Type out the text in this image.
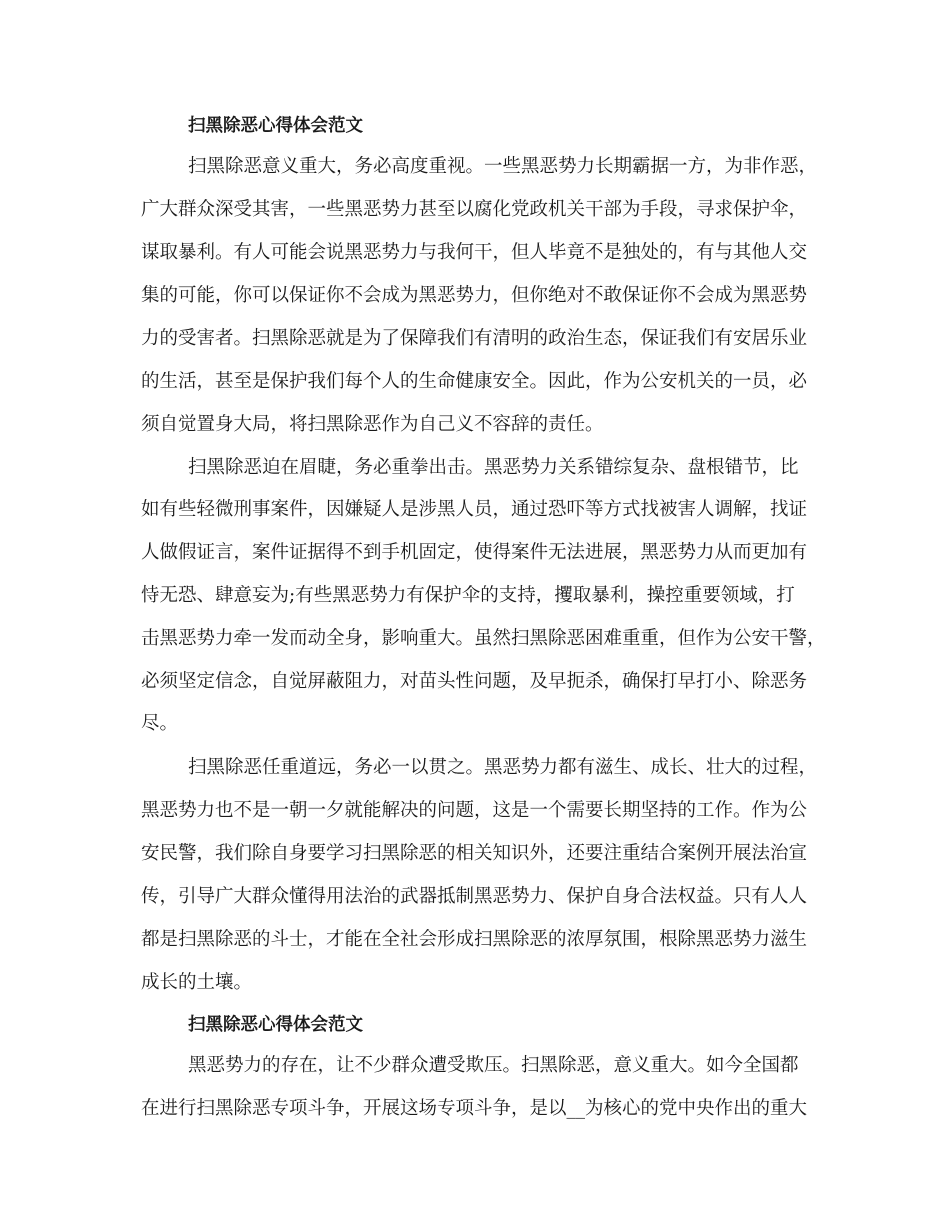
扫黑除恶心得体会范文
扫黑除恶意义重大，务必高度重视。一些黑恶势力长期霸据一方，为非作恶，
广大群众深受其害，一些黑恶势力甚至以腐化党政机关干部为手段，寻求保护伞，
谋取暴利。有人可能会说黑恶势力与我何干，但人毕竟不是独处的，有与其他人交
集的可能，你可以保证你不会成为黑恶势力，但你绝对不敢保证你不会成为黑恶势
力的受害者。扫黑除恶就是为了保障我们有清明的政治生态，保证我们有安居乐业
的生活，甚至是保护我们每个人的生命健康安全。因此，作为公安机关的一员，必
须自觉置身大局，将扫黑除恶作为自己义不容辞的责任。
扫黑除恶迫在眉睫，务必重拳出击。黑恶势力关系错综复杂、盘根错节，比
如有些轻微刑事案件，因嫌疑人是涉黑人员，通过恐吓等方式找被害人调解，找证
人做假证言，案件证据得不到手机固定，使得案件无法进展，黑恶势力从而更加有
恃无恐、肆意妄为;有些黑恶势力有保护伞的支持，攫取暴利，操控重要领域，打
击黑恶势力牵一发而动全身，影响重大。虽然扫黑除恶困难重重，但作为公安干警，
必须坚定信念，自觉屏蔽阻力，对苗头性问题，及早扼杀，确保打早打小、除恶务
尽。
扫黑除恶任重道远，务必一以贯之。黑恶势力都有滋生、成长、壮大的过程，
黑恶势力也不是一朝一夕就能解决的问题，这是一个需要长期坚持的工作。作为公
安民警，我们除自身要学习扫黑除恶的相关知识外，还要注重结合案例开展法治宣
传，引导广大群众懂得用法治的武器抵制黑恶势力、保护自身合法权益。只有人人
都是扫黑除恶的斗士，才能在全社会形成扫黑除恶的浓厚氛围，根除黑恶势力滋生
成长的土壤。
扫黑除恶心得体会范文
黑恶势力的存在，让不少群众遭受欺压。扫黑除恶，意义重大。如今全国都
在进行扫黑除恶专项斗争，开展这场专项斗争，是以__为核心的党中央作出的重大
